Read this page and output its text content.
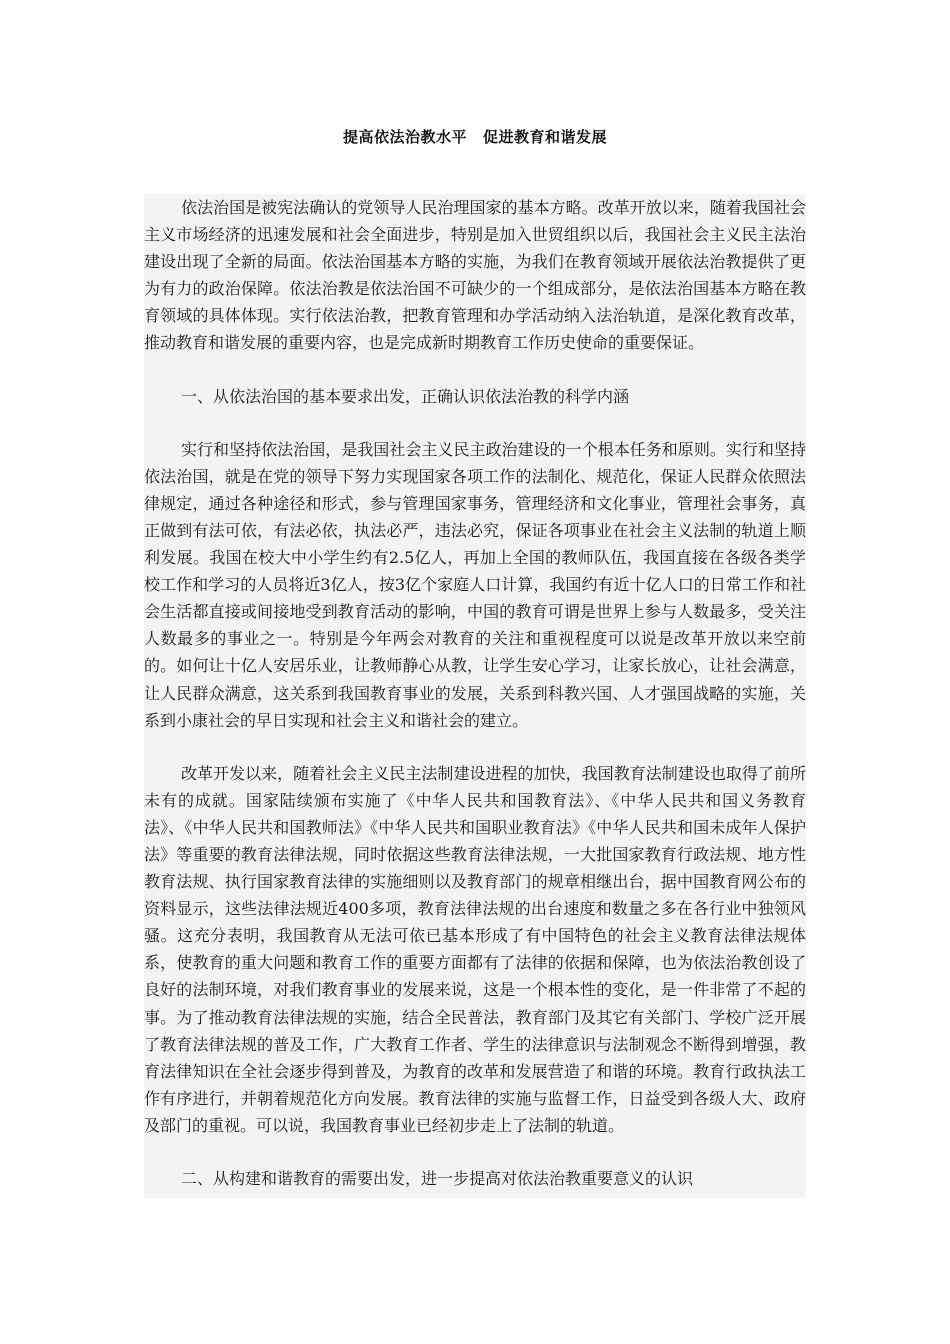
提高依法治教水平 促进教育和谐发展

依法治国是被宪法确认的党领导人民治理国家的基本方略。改革开放以来，随着我国社会主义市场经济的迅速发展和社会全面进步，特别是加入世贸组织以后，我国社会主义民主法治建设出现了全新的局面。依法治国基本方略的实施，为我们在教育领域开展依法治教提供了更为有力的政治保障。依法治教是依法治国不可缺少的一个组成部分，是依法治国基本方略在教育领域的具体体现。实行依法治教，把教育管理和办学活动纳入法治轨道，是深化教育改革，推动教育和谐发展的重要内容，也是完成新时期教育工作历史使命的重要保证。

一、从依法治国的基本要求出发，正确认识依法治教的科学内涵

实行和坚持依法治国，是我国社会主义民主政治建设的一个根本任务和原则。实行和坚持依法治国，就是在党的领导下努力实现国家各项工作的法制化、规范化，保证人民群众依照法律规定，通过各种途径和形式，参与管理国家事务，管理经济和文化事业，管理社会事务，真正做到有法可依，有法必依，执法必严，违法必究，保证各项事业在社会主义法制的轨道上顺利发展。我国在校大中小学生约有2.5亿人，再加上全国的教师队伍，我国直接在各级各类学校工作和学习的人员将近3亿人，按3亿个家庭人口计算，我国约有近十亿人口的日常工作和社会生活都直接或间接地受到教育活动的影响，中国的教育可谓是世界上参与人数最多，受关注人数最多的事业之一。特别是今年两会对教育的关注和重视程度可以说是改革开放以来空前的。如何让十亿人安居乐业，让教师静心从教，让学生安心学习，让家长放心，让社会满意，让人民群众满意，这关系到我国教育事业的发展，关系到科教兴国、人才强国战略的实施，关系到小康社会的早日实现和社会主义和谐社会的建立。

改革开发以来，随着社会主义民主法制建设进程的加快，我国教育法制建设也取得了前所未有的成就。国家陆续颁布实施了《中华人民共和国教育法》、《中华人民共和国义务教育法》、《中华人民共和国教师法》《中华人民共和国职业教育法》《中华人民共和国未成年人保护法》等重要的教育法律法规，同时依据这些教育法律法规，一大批国家教育行政法规、地方性教育法规、执行国家教育法律的实施细则以及教育部门的规章相继出台，据中国教育网公布的资料显示，这些法律法规近400多项，教育法律法规的出台速度和数量之多在各行业中独领风骚。这充分表明，我国教育从无法可依已基本形成了有中国特色的社会主义教育法律法规体系，使教育的重大问题和教育工作的重要方面都有了法律的依据和保障，也为依法治教创设了良好的法制环境，对我们教育事业的发展来说，这是一个根本性的变化，是一件非常了不起的事。为了推动教育法律法规的实施，结合全民普法，教育部门及其它有关部门、学校广泛开展了教育法律法规的普及工作，广大教育工作者、学生的法律意识与法制观念不断得到增强，教育法律知识在全社会逐步得到普及，为教育的改革和发展营造了和谐的环境。教育行政执法工作有序进行，并朝着规范化方向发展。教育法律的实施与监督工作，日益受到各级人大、政府及部门的重视。可以说，我国教育事业已经初步走上了法制的轨道。

二、从构建和谐教育的需要出发，进一步提高对依法治教重要意义的认识
